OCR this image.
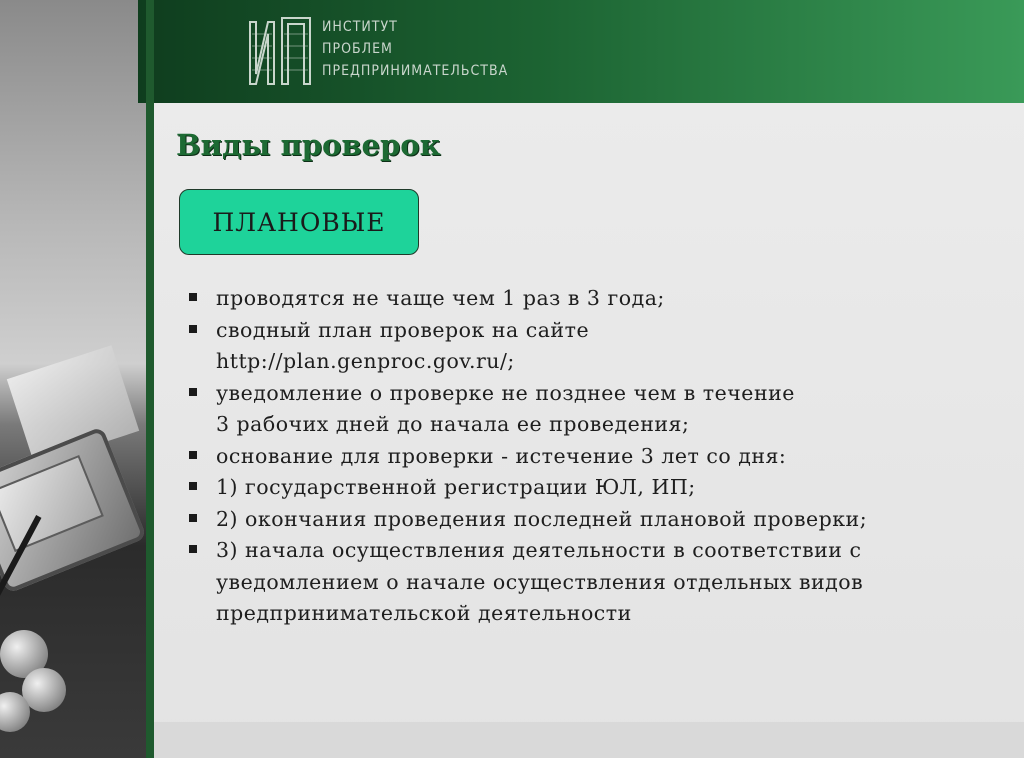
ИНСТИТУТ
ПРОБЛЕМ
ПРЕДПРИНИМАТЕЛЬСТВА
Виды проверок
ПЛАНОВЫЕ
проводятся не чаще чем 1 раз в 3 года;
сводный план проверок на сайте
http://plan.genproc.gov.ru/;
уведомление о проверке не позднее чем в течение
3 рабочих дней до начала ее проведения;
основание для проверки - истечение 3 лет со дня:
1) государственной регистрации ЮЛ, ИП;
2) окончания проведения последней плановой проверки;
3) начала осуществления деятельности в соответствии с
уведомлением о начале осуществления отдельных видов
предпринимательской деятельности
